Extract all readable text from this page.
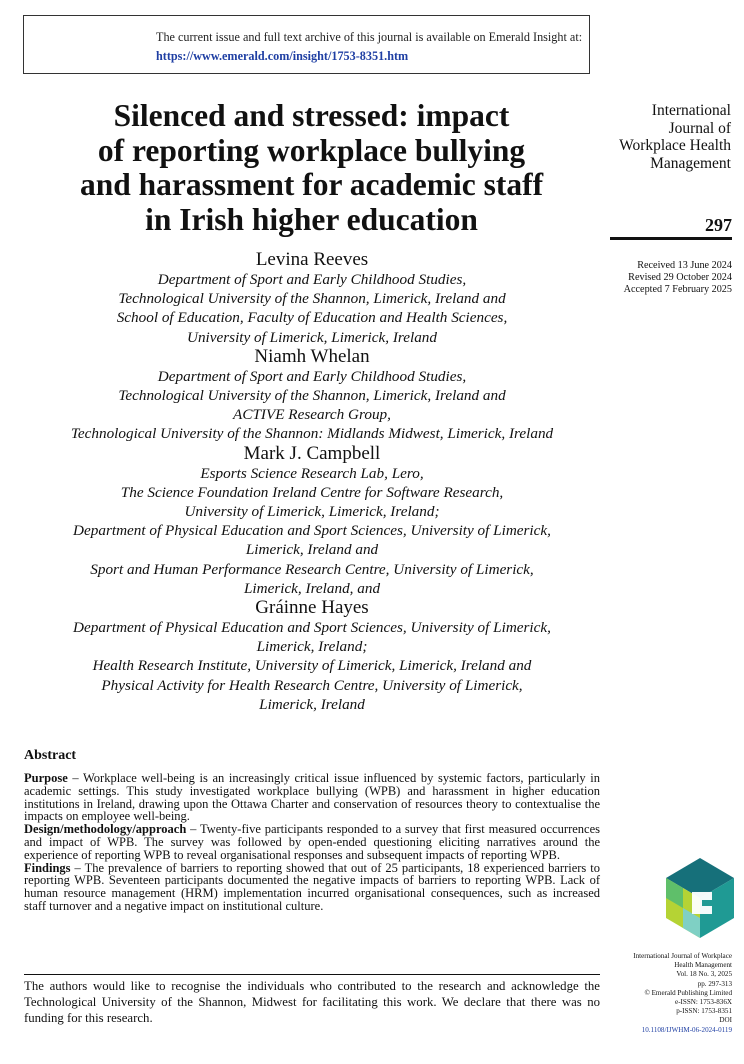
The current issue and full text archive of this journal is available on Emerald Insight at:
https://www.emerald.com/insight/1753-8351.htm
Silenced and stressed: impact
of reporting workplace bullying
and harassment for academic staff
in Irish higher education
Levina Reeves
Department of Sport and Early Childhood Studies,
Technological University of the Shannon, Limerick, Ireland and
School of Education, Faculty of Education and Health Sciences,
University of Limerick, Limerick, Ireland
Niamh Whelan
Department of Sport and Early Childhood Studies,
Technological University of the Shannon, Limerick, Ireland and
ACTIVE Research Group,
Technological University of the Shannon: Midlands Midwest, Limerick, Ireland
Mark J. Campbell
Esports Science Research Lab, Lero,
The Science Foundation Ireland Centre for Software Research,
University of Limerick, Limerick, Ireland;
Department of Physical Education and Sport Sciences, University of Limerick,
Limerick, Ireland and
Sport and Human Performance Research Centre, University of Limerick,
Limerick, Ireland, and
Gráinne Hayes
Department of Physical Education and Sport Sciences, University of Limerick,
Limerick, Ireland;
Health Research Institute, University of Limerick, Limerick, Ireland and
Physical Activity for Health Research Centre, University of Limerick,
Limerick, Ireland
International
Journal of
Workplace Health
Management
297
Received 13 June 2024
Revised 29 October 2024
Accepted 7 February 2025
Abstract

Purpose – Workplace well-being is an increasingly critical issue influenced by systemic factors, particularly in academic settings. This study investigated workplace bullying (WPB) and harassment in higher education institutions in Ireland, drawing upon the Ottawa Charter and conservation of resources theory to contextualise the impacts on employee well-being.

Design/methodology/approach – Twenty-five participants responded to a survey that first measured occurrences and impact of WPB. The survey was followed by open-ended questioning eliciting narratives around the experience of reporting WPB to reveal organisational responses and subsequent impacts of reporting WPB.

Findings – The prevalence of barriers to reporting showed that out of 25 participants, 18 experienced barriers to reporting WPB. Seventeen participants documented the negative impacts of barriers to reporting WPB. Lack of human resource management (HRM) implementation incurred organisational consequences, such as increased staff turnover and a negative impact on institutional culture.

The authors would like to recognise the individuals who contributed to the research and acknowledge the Technological University of the Shannon, Midwest for facilitating this work. We declare that there was no funding for this research.

International Journal of Workplace
Health Management
Vol. 18 No. 3, 2025
pp. 297-313
© Emerald Publishing Limited
e-ISSN: 1753-836X
p-ISSN: 1753-8351
DOI
10.1108/IJWHM-06-2024-0119
